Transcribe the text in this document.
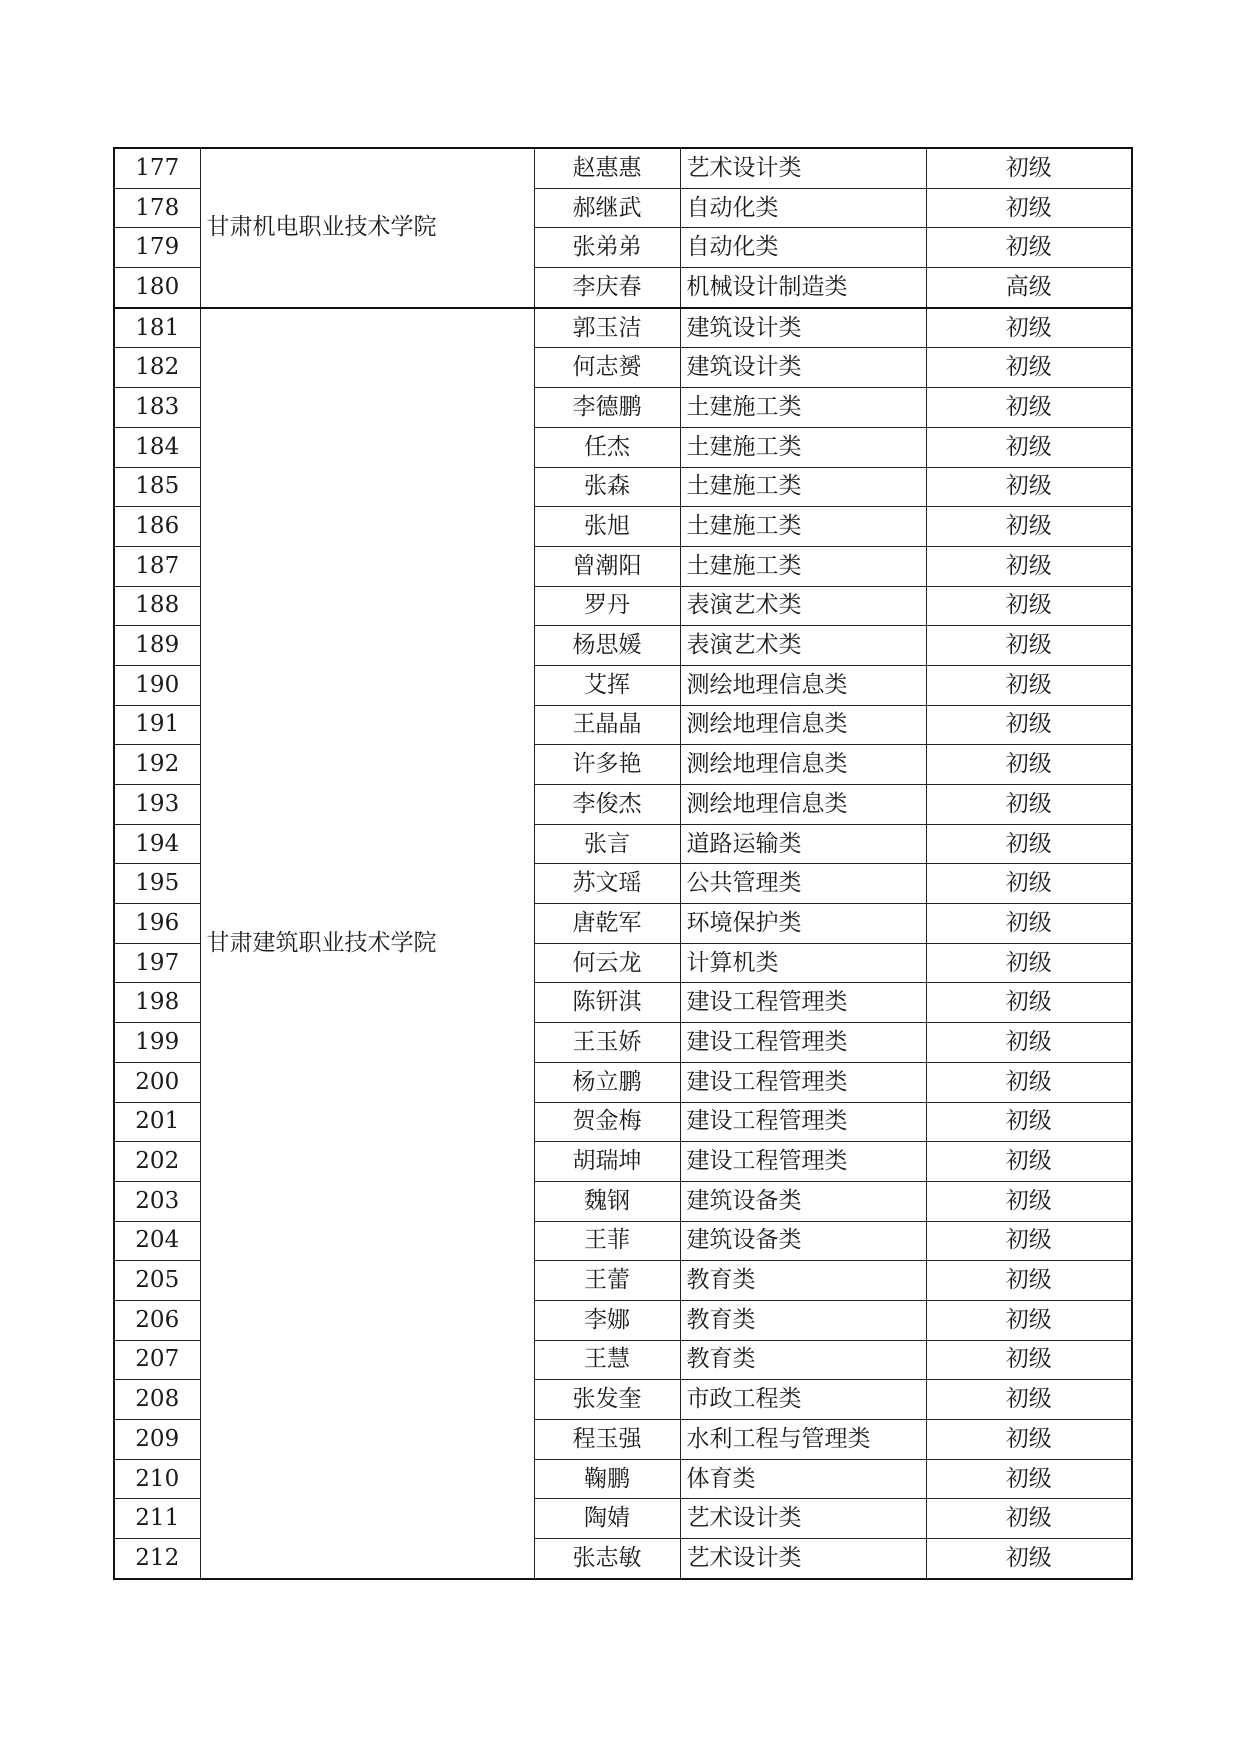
177	甘肃机电职业技术学院	赵惠惠	艺术设计类	初级
178		郝继武	自动化类	初级
179		张弟弟	自动化类	初级
180		李庆春	机械设计制造类	高级
181	甘肃建筑职业技术学院	郭玉洁	建筑设计类	初级
182		何志赟	建筑设计类	初级
183		李德鹏	土建施工类	初级
184		任杰	土建施工类	初级
185		张森	土建施工类	初级
186		张旭	土建施工类	初级
187		曾潮阳	土建施工类	初级
188		罗丹	表演艺术类	初级
189		杨思媛	表演艺术类	初级
190		艾挥	测绘地理信息类	初级
191		王晶晶	测绘地理信息类	初级
192		许多艳	测绘地理信息类	初级
193		李俊杰	测绘地理信息类	初级
194		张言	道路运输类	初级
195		苏文瑶	公共管理类	初级
196		唐乾军	环境保护类	初级
197		何云龙	计算机类	初级
198		陈钘淇	建设工程管理类	初级
199		王玉娇	建设工程管理类	初级
200		杨立鹏	建设工程管理类	初级
201		贺金梅	建设工程管理类	初级
202		胡瑞坤	建设工程管理类	初级
203		魏钢	建筑设备类	初级
204		王菲	建筑设备类	初级
205		王蕾	教育类	初级
206		李娜	教育类	初级
207		王慧	教育类	初级
208		张发奎	市政工程类	初级
209		程玉强	水利工程与管理类	初级
210		鞠鹏	体育类	初级
211		陶婧	艺术设计类	初级
212		张志敏	艺术设计类	初级
